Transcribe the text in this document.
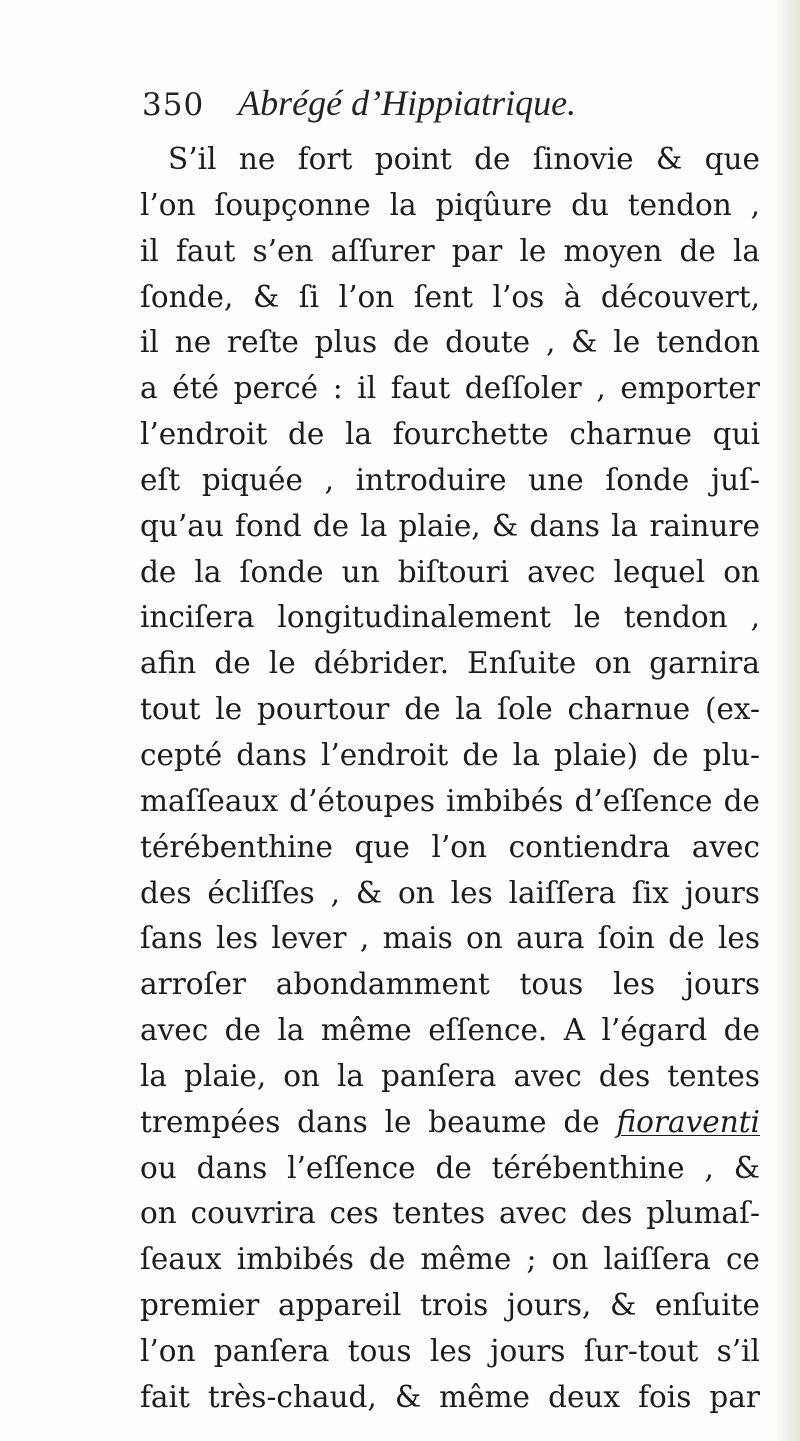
350 Abrégé d’Hippiatrique.
S’il ne fort point de ſinovie & que
l’on ſoupçonne la piqûure du tendon ,
il faut s’en aſſurer par le moyen de la
ſonde, & ſi l’on ſent l’os à découvert,
il ne reſte plus de doute , & le tendon
a été percé : il faut deſſoler , emporter
l’endroit de la fourchette charnue qui
eſt piquée , introduire une ſonde juſ-
qu’au fond de la plaie, & dans la rainure
de la ſonde un biſtouri avec lequel on
inciſera longitudinalement le tendon ,
afin de le débrider. Enſuite on garnira
tout le pourtour de la ſole charnue (ex-
cepté dans l’endroit de la plaie) de plu-
maſſeaux d’étoupes imbibés d’eſſence de
térébenthine que l’on contiendra avec
des écliſſes , & on les laiſſera ſix jours
ſans les lever , mais on aura ſoin de les
arroſer abondamment tous les jours
avec de la même eſſence. A l’égard de
la plaie, on la panſera avec des tentes
trempées dans le beaume de fioraventi
ou dans l’eſſence de térébenthine , &
on couvrira ces tentes avec des plumaſ-
ſeaux imbibés de même ; on laiſſera ce
premier appareil trois jours, & enſuite
l’on panſera tous les jours ſur-tout s’il
fait très-chaud, & même deux fois par
